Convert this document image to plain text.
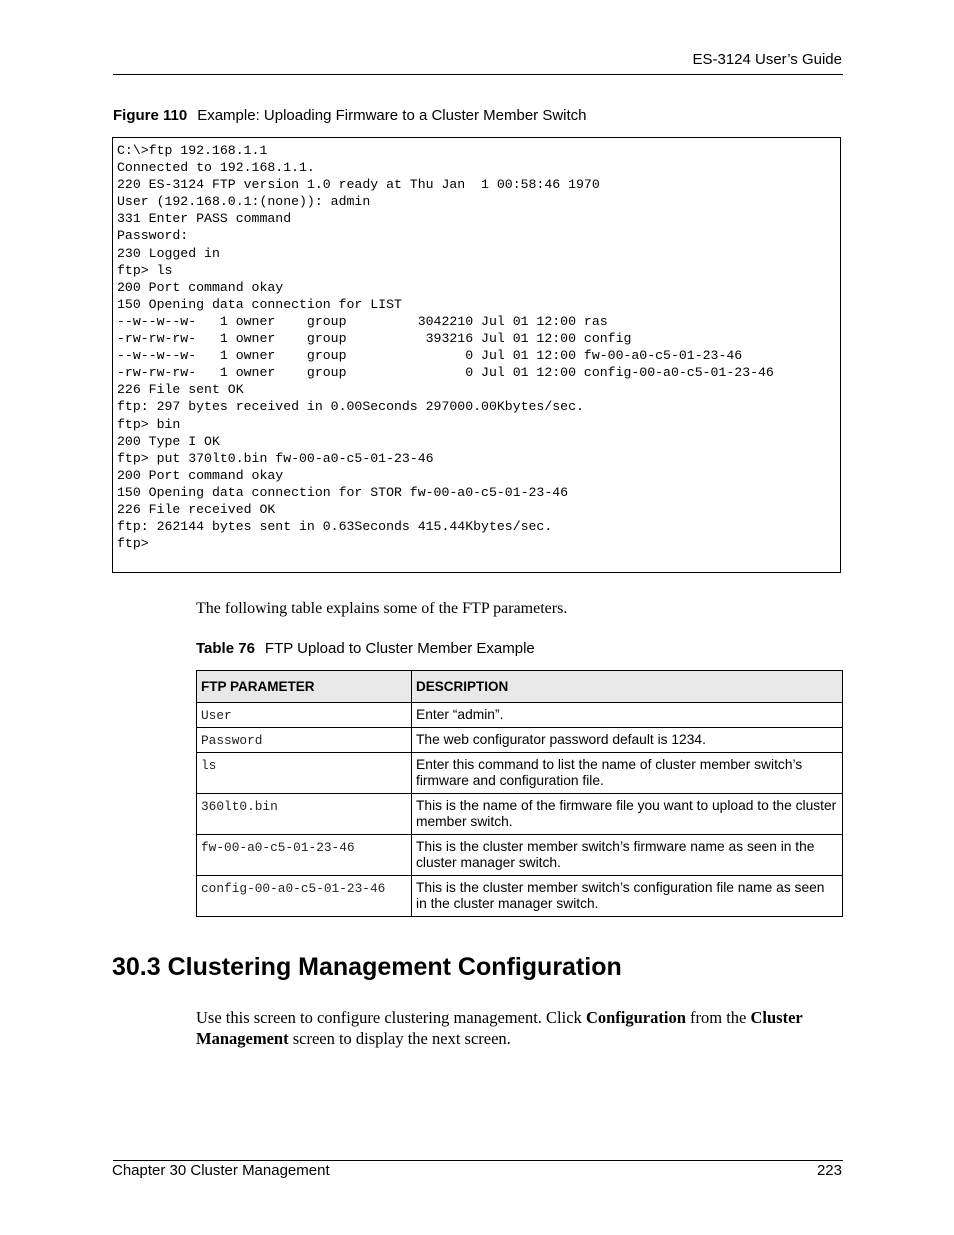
ES-3124 User’s Guide
Figure 110 Example: Uploading Firmware to a Cluster Member Switch
C:\>ftp 192.168.1.1
Connected to 192.168.1.1.
220 ES-3124 FTP version 1.0 ready at Thu Jan  1 00:58:46 1970
User (192.168.0.1:(none)): admin
331 Enter PASS command
Password:
230 Logged in
ftp> ls
200 Port command okay
150 Opening data connection for LIST
--w--w--w-   1 owner    group         3042210 Jul 01 12:00 ras
-rw-rw-rw-   1 owner    group          393216 Jul 01 12:00 config
--w--w--w-   1 owner    group               0 Jul 01 12:00 fw-00-a0-c5-01-23-46
-rw-rw-rw-   1 owner    group               0 Jul 01 12:00 config-00-a0-c5-01-23-46
226 File sent OK
ftp: 297 bytes received in 0.00Seconds 297000.00Kbytes/sec.
ftp> bin
200 Type I OK
ftp> put 370lt0.bin fw-00-a0-c5-01-23-46
200 Port command okay
150 Opening data connection for STOR fw-00-a0-c5-01-23-46
226 File received OK
ftp: 262144 bytes sent in 0.63Seconds 415.44Kbytes/sec.
ftp>
The following table explains some of the FTP parameters.
Table 76 FTP Upload to Cluster Member Example
FTP PARAMETER	DESCRIPTION
User	Enter “admin”.
Password	The web configurator password default is 1234.
ls	Enter this command to list the name of cluster member switch’s firmware and configuration file.
360lt0.bin	This is the name of the firmware file you want to upload to the cluster member switch.
fw-00-a0-c5-01-23-46	This is the cluster member switch’s firmware name as seen in the cluster manager switch.
config-00-a0-c5-01-23-46	This is the cluster member switch’s configuration file name as seen in the cluster manager switch.
30.3 Clustering Management Configuration
Use this screen to configure clustering management. Click Configuration from the Cluster Management screen to display the next screen.
Chapter 30 Cluster Management	223
